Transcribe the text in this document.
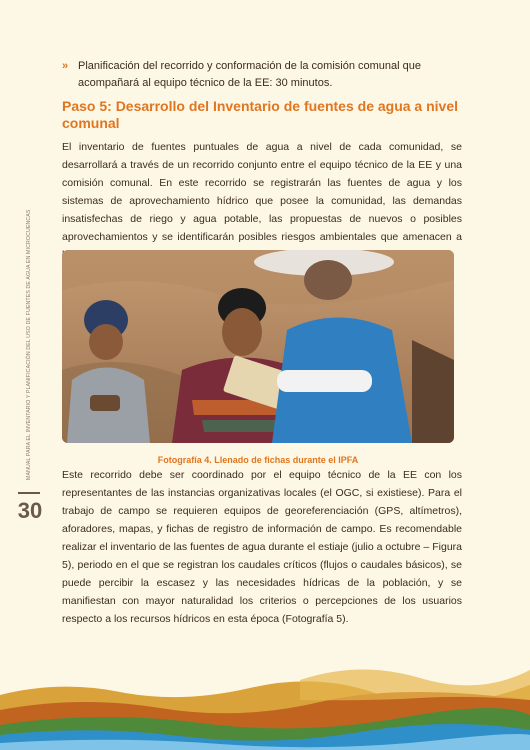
» Planificación del recorrido y conformación de la comisión comunal que acompañará al equipo técnico de la EE: 30 minutos.
Paso 5: Desarrollo del Inventario de fuentes de agua a nivel comunal

El inventario de fuentes puntuales de agua a nivel de cada comunidad, se desarrollará a través de un recorrido conjunto entre el equipo técnico de la EE y una comisión comunal. En este recorrido se registrarán las fuentes de agua y los sistemas de aprovechamiento hídrico que posee la comunidad, las demandas insatisfechas de riego y agua potable, las propuestas de nuevos o posibles aprovechamientos y se identificarán posibles riesgos ambientales que amenacen a

Fotografía 4. Llenado de fichas durante el IPFA

Este recorrido debe ser coordinado por el equipo técnico de la EE con los representantes de las instancias organizativas locales (el OGC, si existiese). Para el trabajo de campo se requieren equipos de georeferenciación (GPS, altímetros), aforadores, mapas, y fichas de registro de información de campo. Es recomendable realizar el inventario de las fuentes de agua durante el estiaje (julio a octubre – Figura 5), periodo en el que se registran los caudales críticos (flujos o caudales básicos), se puede percibir la escasez y las necesidades hídricas de la población, y se manifiestan con mayor naturalidad los criterios o percepciones de los usuarios respecto a los recursos hídricos en esta época (Fotografía 5).

MANUAL PARA EL INVENTARIO Y PLANIFICACIÓN DEL USO DE FUENTES DE AGUA EN MICROCUENCAS
30
